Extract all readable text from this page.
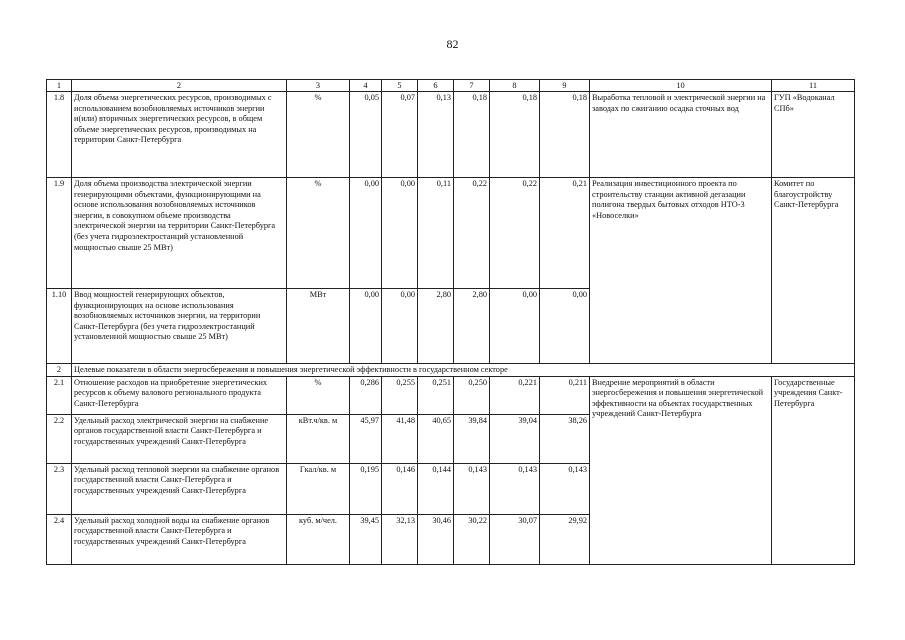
82
1	2	3	4	5	6	7	8	9	10	11
1.8	Доля объема энергетических ресурсов, производимых с использованием возобновляемых источников энергии и(или) вторичных энергетических ресурсов, в общем объеме энергетических ресурсов, производимых на территории Санкт-Петербурга	%	0,05	0,07	0,13	0,18	0,18	0,18	Выработка тепловой и электрической энергии на заводах по сжиганию осадка сточных вод	ГУП «Водоканал СПб»
1.9	Доля объема производства электрической энергии генерирующими объектами, функционирующими на основе использования возобновляемых источников энергии, в совокупном объеме производства электрической энергии на территории Санкт-Петербурга (без учета гидроэлектростанций установленной мощностью свыше 25 МВт)	%	0,00	0,00	0,11	0,22	0,22	0,21	Реализация инвестиционного проекта по строительству станции активной дегазации полигона твердых бытовых отходов НТО-3 «Новоселки»	Комитет по благоустройству Санкт-Петербурга
1.10	Ввод мощностей генерирующих объектов, функционирующих на основе использования возобновляемых источников энергии, на территории Санкт-Петербурга (без учета гидроэлектростанций установленной мощностью свыше 25 МВт)	МВт	0,00	0,00	2,80	2,80	0,00	0,00		
2	Целевые показатели в области энергосбережения и повышения энергетической эффективности в государственном секторе									
2.1	Отношение расходов на приобретение энергетических ресурсов к объему валового регионального продукта Санкт-Петербурга	%	0,286	0,255	0,251	0,250	0,221	0,211	Внедрение мероприятий в области энергосбережения и повышения энергетической эффективности на объектах государственных учреждений Санкт-Петербурга	Государственные учреждения Санкт-Петербурга
2.2	Удельный расход электрической энергии на снабжение органов государственной власти Санкт-Петербурга и государственных учреждений Санкт-Петербурга	кВт.ч/кв. м	45,97	41,48	40,65	39,84	39,04	38,26		
2.3	Удельный расход тепловой энергии на снабжение органов государственной власти Санкт-Петербурга и государственных учреждений Санкт-Петербурга	Гкал/кв. м	0,195	0,146	0,144	0,143	0,143	0,143		
2.4	Удельный расход холодной воды на снабжение органов государственной власти Санкт-Петербурга и государственных учреждений Санкт-Петербурга	куб. м/чел.	39,45	32,13	30,46	30,22	30,07	29,92		
